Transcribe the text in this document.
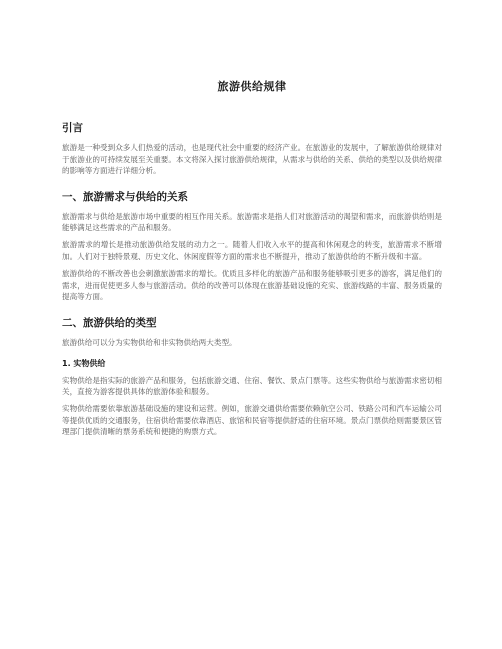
旅游供给规律
引言

旅游是一种受到众多人们热爱的活动，也是现代社会中重要的经济产业。在旅游业的发展中，了解旅游供给规律对于旅游业的可持续发展至关重要。本文将深入探讨旅游供给规律，从需求与供给的关系、供给的类型以及供给规律的影响等方面进行详细分析。

一、旅游需求与供给的关系

旅游需求与供给是旅游市场中重要的相互作用关系。旅游需求是指人们对旅游活动的渴望和需求，而旅游供给则是能够满足这些需求的产品和服务。

旅游需求的增长是推动旅游供给发展的动力之一。随着人们收入水平的提高和休闲观念的转变，旅游需求不断增加。人们对于独特景观、历史文化、休闲度假等方面的需求也不断提升，推动了旅游供给的不断升级和丰富。

旅游供给的不断改善也会刺激旅游需求的增长。优质且多样化的旅游产品和服务能够吸引更多的游客，满足他们的需求，进而促使更多人参与旅游活动。供给的改善可以体现在旅游基础设施的充实、旅游线路的丰富、服务质量的提高等方面。

二、旅游供给的类型

旅游供给可以分为实物供给和非实物供给两大类型。

1. 实物供给

实物供给是指实际的旅游产品和服务，包括旅游交通、住宿、餐饮、景点门票等。这些实物供给与旅游需求密切相关，直接为游客提供具体的旅游体验和服务。

实物供给需要依靠旅游基础设施的建设和运营。例如，旅游交通供给需要依赖航空公司、铁路公司和汽车运输公司等提供优质的交通服务，住宿供给需要依靠酒店、旅馆和民宿等提供舒适的住宿环境。景点门票供给则需要景区管理部门提供清晰的票务系统和便捷的购票方式。
